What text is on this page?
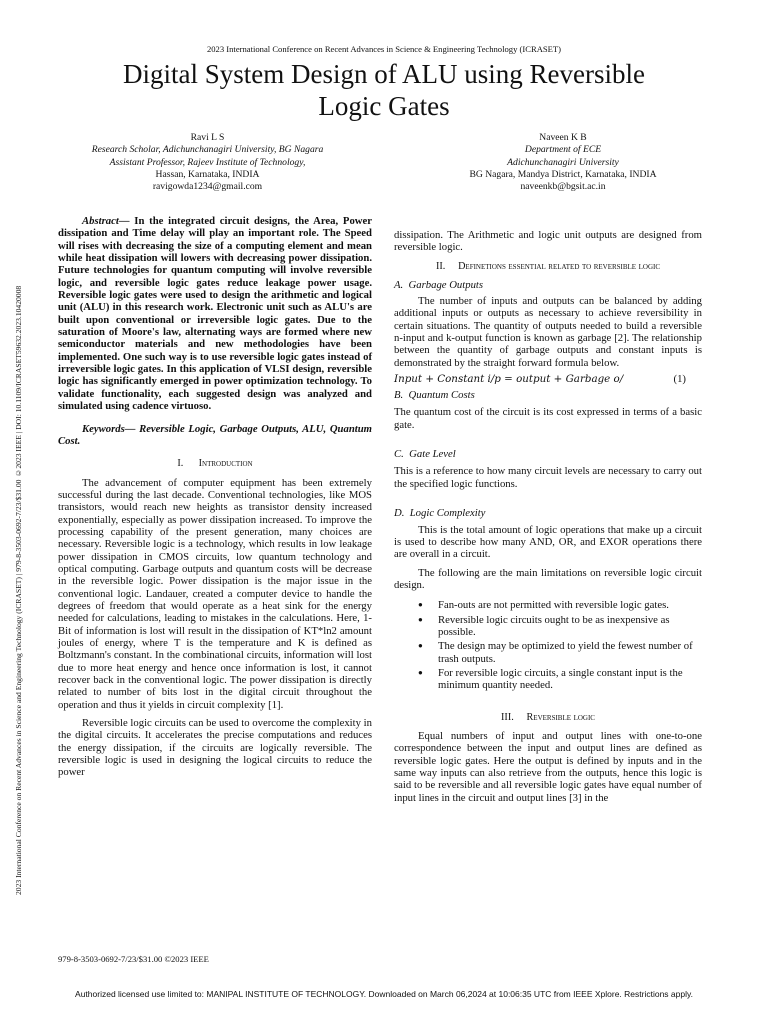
2023 International Conference on Recent Advances in Science and Engineering Technology (ICRASET) | 979-8-3503-0692-7/23/$31.00 ©2023 IEEE | DOI: 10.1109/ICRASET59632.2023.10420008
2023 International Conference on Recent Advances in Science & Engineering Technology (ICRASET)
Digital System Design of ALU using Reversible
Logic Gates
Ravi L S
Research Scholar, Adichunchanagiri University, BG Nagara
Assistant Professor, Rajeev Institute of Technology,
Hassan, Karnataka, INDIA
ravigowda1234@gmail.com
Naveen K B
Department of ECE
Adichunchanagiri University
BG Nagara, Mandya District, Karnataka, INDIA
naveenkb@bgsit.ac.in

Abstract— In the integrated circuit designs, the Area, Power dissipation and Time delay will play an important role. The Speed will rises with decreasing the size of a computing element and mean while heat dissipation will lowers with decreasing power dissipation. Future technologies for quantum computing will involve reversible logic, and reversible logic gates reduce leakage power usage. Reversible logic gates were used to design the arithmetic and logical unit (ALU) in this research work. Electronic unit such as ALU's are built upon conventional or irreversible logic gates. Due to the saturation of Moore's law, alternating ways are formed where new semiconductor materials and new methodologies have been implemented. One such way is to use reversible logic gates instead of irreversible logic gates. In this application of VLSI design, reversible logic has significantly emerged in power optimization technology. To validate functionality, each suggested design was analyzed and simulated using cadence virtuoso.

Keywords— Reversible Logic, Garbage Outputs, ALU, Quantum Cost.

I. Introduction

The advancement of computer equipment has been extremely successful during the last decade. Conventional technologies, like MOS transistors, would reach new heights as transistor density increased exponentially, especially as power dissipation increased. To improve the processing capability of the present generation, many choices are necessary. Reversible logic is a technology, which results in low leakage power dissipation in CMOS circuits, low quantum technology and optical computing. Garbage outputs and quantum costs will be decrease in the reversible logic. Power dissipation is the major issue in the conventional logic. Landauer, created a computer device to handle the degrees of freedom that would operate as a heat sink for the energy needed for calculations, leading to mistakes in the calculations. Here, 1-Bit of information is lost will result in the dissipation of KT*ln2 amount joules of energy, where T is the temperature and K is defined as Boltzmann's constant. In the combinational circuits, information will lost due to more heat energy and hence once information is lost, it cannot recover back in the conventional logic. The power dissipation is directly related to number of bits lost in the digital circuit throughout the operation and thus it yields in circuit complexity [1].

Reversible logic circuits can be used to overcome the complexity in the digital circuits. It accelerates the precise computations and reduces the energy dissipation, if the circuits are logically reversible. The reversible logic is used in designing the logical circuits to reduce the power

dissipation. The Arithmetic and logic unit outputs are designed from reversible logic.

II. Definetions essential related to reversible logic
A. Garbage Outputs

The number of inputs and outputs can be balanced by adding additional inputs or outputs as necessary to achieve reversibility in certain situations. The quantity of outputs needed to build a reversible n-input and k-output function is known as garbage [2]. The relationship between the quantity of garbage outputs and constant inputs is demonstrated by the straight forward formula below.

Input + Constant i/p = output + Garbage o/	(1)
B. Quantum Costs

The quantum cost of the circuit is its cost expressed in terms of a basic gate.

C. Gate Level

This is a reference to how many circuit levels are necessary to carry out the specified logic functions.

D. Logic Complexity

This is the total amount of logic operations that make up a circuit is used to describe how many AND, OR, and EXOR operations there are overall in a circuit.

The following are the main limitations on reversible logic circuit design.

● Fan-outs are not permitted with reversible logic gates.
● Reversible logic circuits ought to be as inexpensive as possible.
● The design may be optimized to yield the fewest number of trash outputs.
● For reversible logic circuits, a single constant input is the minimum quantity needed.
III. Reversible logic

Equal numbers of input and output lines with one-to-one correspondence between the input and output lines are defined as reversible logic gates. Here the output is defined by inputs and in the same way inputs can also retrieve from the outputs, hence this logic is said to be reversible and all reversible logic gates have equal number of input lines in the circuit and output lines [3] in the

979-8-3503-0692-7/23/$31.00 ©2023 IEEE
Authorized licensed use limited to: MANIPAL INSTITUTE OF TECHNOLOGY. Downloaded on March 06,2024 at 10:06:35 UTC from IEEE Xplore. Restrictions apply.
